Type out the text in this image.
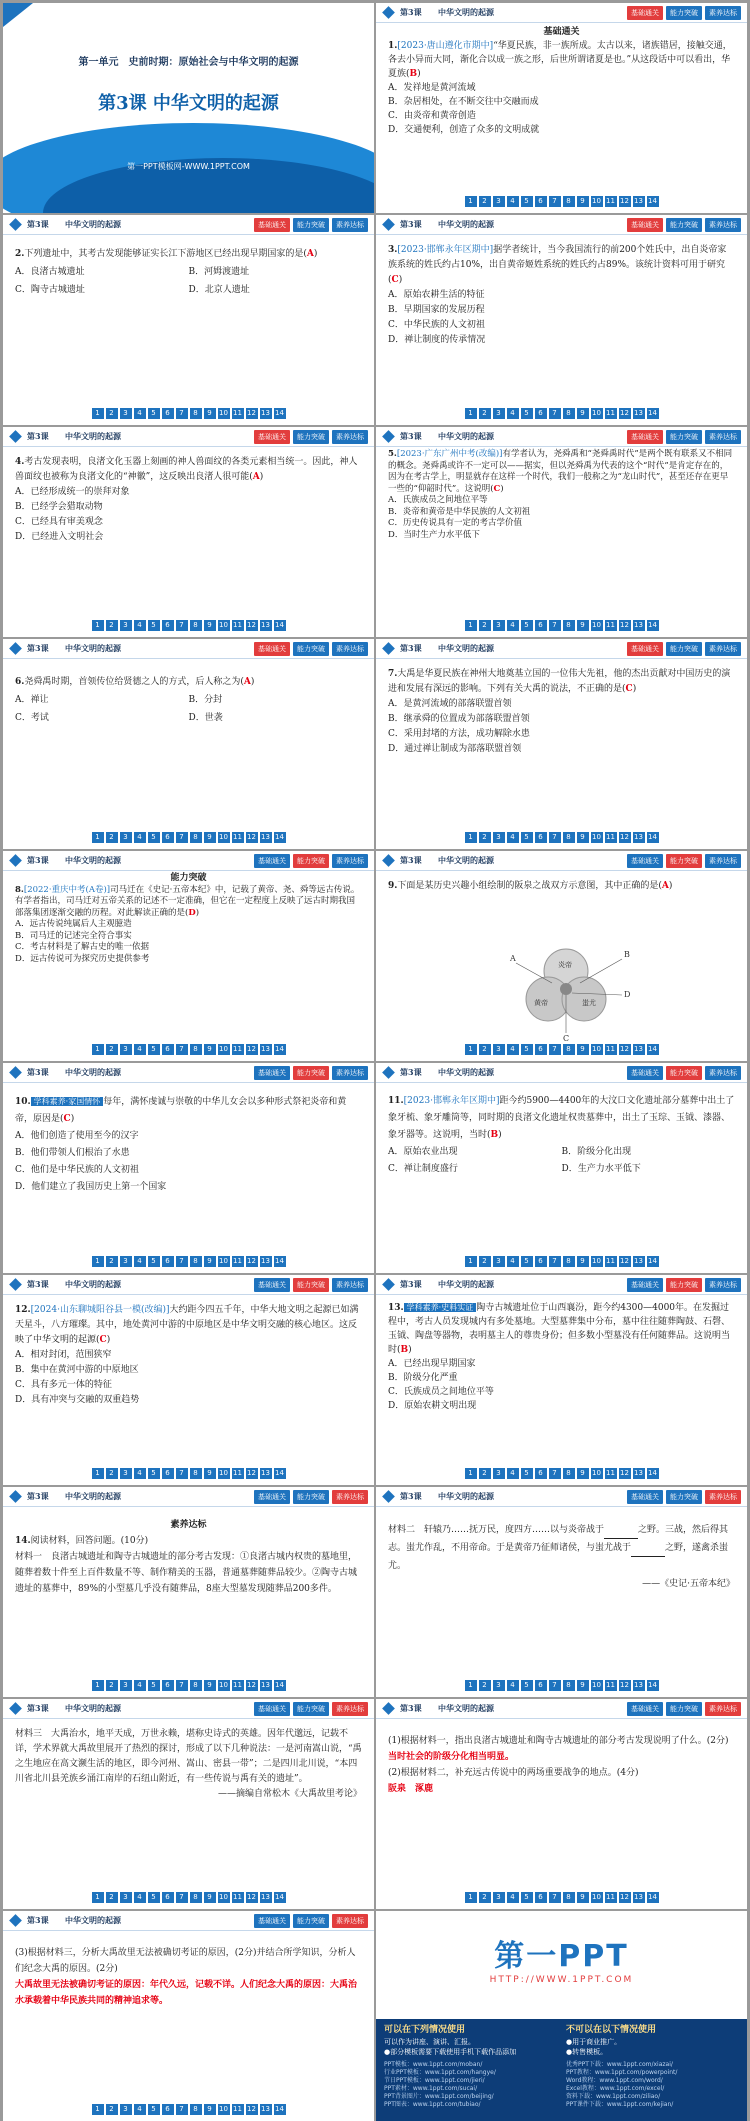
第一单元　史前时期：原始社会与中华文明的起源
第3课 中华文明的起源
第一PPT模板网-WWW.1PPT.COM
第3课 中华文明的起源	基础通关	能力突破	素养达标

基础通关

1.[2023·唐山遵化市期中]“华夏民族，非一族所成。太古以来，诸族错居，接触交通，各去小异而大同，渐化合以成一族之形，后世所谓诸夏是也。”从这段话中可以看出，华夏族(B)

A．发祥地是黄河流域

B．杂居相处，在不断交往中交融而成

C．由炎帝和黄帝创造

D．交通便利，创造了众多的文明成就

1	2	3	4	5	6	7	8	9	10 11 12 13 14
第3课 中华文明的起源	基础通关	能力突破	素养达标

2.下列遗址中，其考古发现能够证实长江下游地区已经出现早期国家的是(A)

A．良渚古城遗址	B．河姆渡遗址
C．陶寺古城遗址	D．北京人遗址
1	2	3	4	5	6	7	8	9	10 11 12 13 14
第3课 中华文明的起源	基础通关	能力突破	素养达标

3.[2023·邯郸永年区期中]据学者统计，当今我国流行的前200个姓氏中，出自炎帝家族系统的姓氏约占10%，出自黄帝姬姓系统的姓氏约占89%。该统计资料可用于研究(C)

A．原始农耕生活的特征

B．早期国家的发展历程

C．中华民族的人文初祖

D．禅让制度的传承情况

1	2	3	4	5	6	7	8	9	10 11 12 13 14
第3课 中华文明的起源	基础通关	能力突破	素养达标

4.考古发现表明，良渚文化玉器上刻画的神人兽面纹的各类元素相当统一。因此，神人兽面纹也被称为良渚文化的“神徽”，这反映出良渚人很可能(A)

A．已经形成统一的崇拜对象

B．已经学会猎取动物

C．已经具有审美观念

D．已经进入文明社会

1	2	3	4	5	6	7	8	9	10 11 12 13 14
第3课 中华文明的起源	基础通关	能力突破	素养达标

5.[2023·广东广州中考(改编)]有学者认为，尧舜禹和“尧舜禹时代”是两个既有联系又不相同的概念。尧舜禹或许不一定可以——据实，但以尧舜禹为代表的这个“时代”是肯定存在的，因为在考古学上，明显就存在这样一个时代，我们一般称之为“龙山时代”，甚至还存在更早一些的“仰韶时代”。这说明(C)

A．氏族成员之间地位平等

B．炎帝和黄帝是中华民族的人文初祖

C．历史传说具有一定的考古学价值

D．当时生产力水平低下

1	2	3	4	5	6	7	8	9	10 11 12 13 14
第3课 中华文明的起源	基础通关	能力突破	素养达标

6.尧舜禹时期，首领传位给贤德之人的方式，后人称之为(A)

A．禅让	B．分封
C．考试	D．世袭
1	2	3	4	5	6	7	8	9	10 11 12 13 14
第3课 中华文明的起源	基础通关	能力突破	素养达标

7.大禹是华夏民族在神州大地奠基立国的一位伟大先祖，他的杰出贡献对中国历史的演进和发展有深远的影响。下列有关大禹的说法，不正确的是(C)

A．是黄河流域的部落联盟首领

B．继承舜的位置成为部落联盟首领

C．采用封堵的方法，成功解除水患

D．通过禅让制成为部落联盟首领

1	2	3	4	5	6	7	8	9	10 11 12 13 14
第3课 中华文明的起源	基础通关	能力突破	素养达标

能力突破

8.[2022·重庆中考(A卷)]司马迁在《史记·五帝本纪》中，记载了黄帝、尧、舜等远古传说。有学者指出，司马迁对五帝关系的记述不一定准确，但它在一定程度上反映了远古时期我国部落集团逐渐交融的历程。对此解读正确的是(D)

A．远古传说纯属后人主观臆造

B．司马迁的记述完全符合事实

C．考古材料是了解古史的唯一依据

D．远古传说可为探究历史提供参考

1	2	3	4	5	6	7	8	9	10 11 12 13 14
第3课 中华文明的起源	基础通关	能力突破	素养达标

9.下面是某历史兴趣小组绘制的阪泉之战双方示意图，其中正确的是(A)

A	B
C
D
炎帝
黄帝	蚩尤
1	2	3	4	5	6	7	8	9	10 11 12 13 14
第3课 中华文明的起源	基础通关	能力突破	素养达标

10. 学科素养·家国情怀 每年，满怀虔诚与崇敬的中华儿女会以多种形式祭祀炎帝和黄帝，原因是(C)

A．他们创造了使用至今的汉字

B．他们带领人们根治了水患

C．他们是中华民族的人文初祖

D．他们建立了我国历史上第一个国家

1	2	3	4	5	6	7	8	9	10 11 12 13 14
第3课 中华文明的起源	基础通关	能力突破	素养达标

11.[2023·邯郸永年区期中]距今约5900—4400年的大汶口文化遗址部分墓葬中出土了象牙梳、象牙雕筒等，同时期的良渚文化遗址权贵墓葬中，出土了玉琮、玉钺、漆器、象牙器等。这说明，当时(B)

A．原始农业出现	B．阶级分化出现
C．禅让制度盛行	D．生产力水平低下
1	2	3	4	5	6	7	8	9	10 11 12 13 14
第3课 中华文明的起源	基础通关	能力突破	素养达标

12.[2024·山东聊城阳谷县一模(改编)]大约距今四五千年，中华大地文明之起源已如满天星斗，八方璀璨。其中，地处黄河中游的中原地区是中华文明交融的核心地区。这反映了中华文明的起源(C)

A．相对封闭，范围狭窄

B．集中在黄河中游的中原地区

C．具有多元一体的特征

D．具有冲突与交融的双重趋势

1	2	3	4	5	6	7	8	9	10 11 12 13 14
第3课 中华文明的起源	基础通关	能力突破	素养达标

13. 学科素养·史料实证 陶寺古城遗址位于山西襄汾，距今约4300—4000年。在发掘过程中，考古人员发现城内有多处墓地。大型墓葬集中分布，墓中往往随葬陶鼓、石磬、玉钺、陶盘等器物，表明墓主人的尊贵身份；但多数小型墓没有任何随葬品。这说明当时(B)

A．已经出现早期国家

B．阶级分化严重

C．氏族成员之间地位平等

D．原始农耕文明出现

1	2	3	4	5	6	7	8	9	10 11 12 13 14
第3课 中华文明的起源	基础通关	能力突破	素养达标

素养达标

14.阅读材料，回答问题。(10分)

材料一　良渚古城遗址和陶寺古城遗址的部分考古发现：①良渚古城内权贵的墓地里，随葬着数十件至上百件数量不等、制作精美的玉器，普通墓葬随葬品较少。②陶寺古城遗址的墓葬中，89%的小型墓几乎没有随葬品，8座大型墓发现随葬品200多件。

1	2	3	4	5	6	7	8	9	10 11 12 13 14
第3课 中华文明的起源	基础通关	能力突破	素养达标

材料二　轩辕乃……抚万民，度四方……以与炎帝战于	之野。三战，然后得其志。蚩尤作乱，不用帝命。于是黄帝乃征师诸侯，与蚩尤战于	之野，遂禽杀蚩尤。

——《史记·五帝本纪》

1	2	3	4	5	6	7	8	9	10 11 12 13 14
第3课 中华文明的起源	基础通关	能力突破	素养达标

材料三　大禹治水，地平天成，万世永赖，堪称史诗式的英雄。因年代邈远，记载不详，学术界就大禹故里展开了热烈的探讨，形成了以下几种说法：一是河南嵩山说，“禹之生地应在高文濒生活的地区，即今河州、嵩山、密县一带”；二是四川北川说，“本四川省北川县羌族乡涌江南岸的石纽山附近，有一些传说与禹有关的遗址”。

——摘编自常松木《大禹故里考论》

1	2	3	4	5	6	7	8	9	10 11 12 13 14
第3课 中华文明的起源	基础通关	能力突破	素养达标

(1)根据材料一，指出良渚古城遗址和陶寺古城遗址的部分考古发现说明了什么。(2分)

当时社会的阶级分化相当明显。

(2)根据材料二，补充远古传说中的两场重要战争的地点。(4分)

阪泉　涿鹿

1	2	3	4	5	6	7	8	9	10 11 12 13 14
第3课 中华文明的起源	基础通关	能力突破	素养达标

(3)根据材料三，分析大禹故里无法被确切考证的原因，(2分)并结合所学知识，分析人们纪念大禹的原因。(2分)

大禹故里无法被确切考证的原因：年代久远，记载不详。人们纪念大禹的原因：大禹治水承载着中华民族共同的精神追求等。

1	2	3	4	5	6	7	8	9	10 11 12 13 14
第一PPT
HTTP://WWW.1PPT.COM
可以在下列情况使用
可以作为讲座、演讲、汇报。
●部分模板需要下载使用手机下载作品添加
PPT模板：www.1ppt.com/moban/
行业PPT模板：www.1ppt.com/hangye/
节日PPT模板：www.1ppt.com/jieri/
PPT素材：www.1ppt.com/sucai/
PPT背景图片：www.1ppt.com/beijing/
PPT图表：www.1ppt.com/tubiao/
不可以在以下情况使用
●用于商业推广。
●转售模板。
优秀PPT下载：www.1ppt.com/xiazai/
PPT教程：www.1ppt.com/powerpoint/
Word教程：www.1ppt.com/word/
Excel教程：www.1ppt.com/excel/
资料下载：www.1ppt.com/ziliao/
PPT课件下载：www.1ppt.com/kejian/
